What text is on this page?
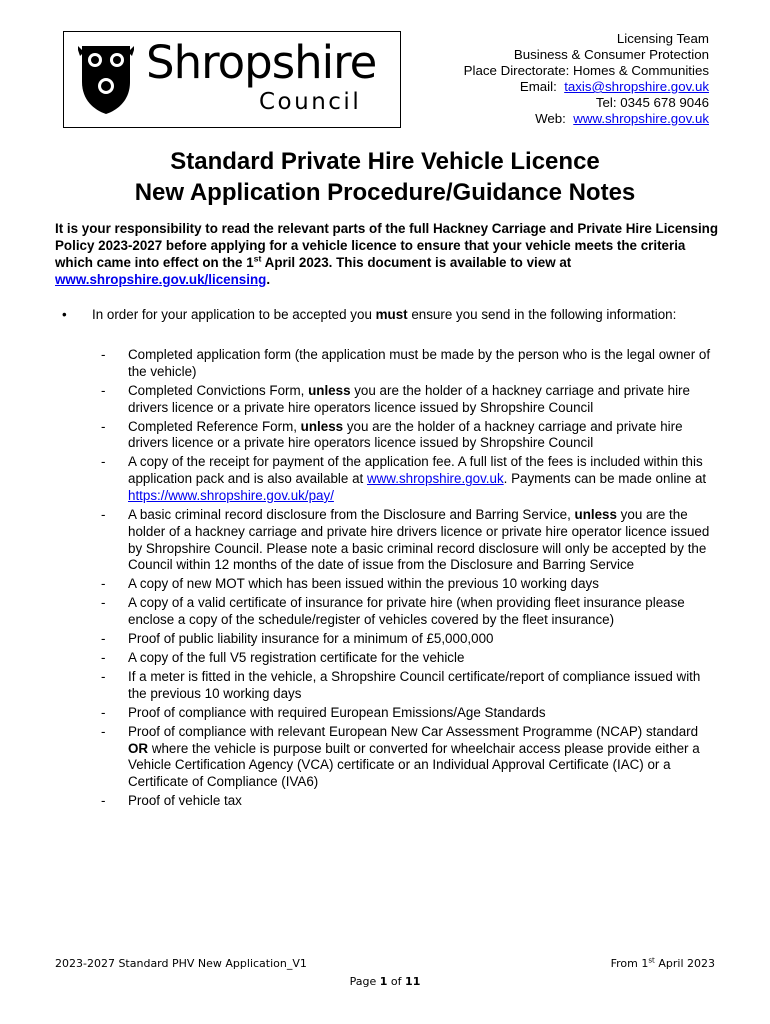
Shropshire
Council
Licensing Team
Business & Consumer Protection
Place Directorate: Homes & Communities
Email:  taxis@shropshire.gov.uk
Tel: 0345 678 9046
Web:  www.shropshire.gov.uk
Standard Private Hire Vehicle Licence
New Application Procedure/Guidance Notes
It is your responsibility to read the relevant parts of the full Hackney Carriage and Private Hire Licensing Policy 2023-2027 before applying for a vehicle licence to ensure that your vehicle meets the criteria which came into effect on the 1st April 2023. This document is available to view at www.shropshire.gov.uk/licensing.
• In order for your application to be accepted you must ensure you send in the following information:
- Completed application form (the application must be made by the person who is the legal owner of the vehicle)
- Completed Convictions Form, unless you are the holder of a hackney carriage and private hire drivers licence or a private hire operators licence issued by Shropshire Council
- Completed Reference Form, unless you are the holder of a hackney carriage and private hire drivers licence or a private hire operators licence issued by Shropshire Council
- A copy of the receipt for payment of the application fee. A full list of the fees is included within this application pack and is also available at www.shropshire.gov.uk. Payments can be made online at https://www.shropshire.gov.uk/pay/
- A basic criminal record disclosure from the Disclosure and Barring Service, unless you are the holder of a hackney carriage and private hire drivers licence or private hire operator licence issued by Shropshire Council. Please note a basic criminal record disclosure will only be accepted by the Council within 12 months of the date of issue from the Disclosure and Barring Service
- A copy of new MOT which has been issued within the previous 10 working days
- A copy of a valid certificate of insurance for private hire (when providing fleet insurance please enclose a copy of the schedule/register of vehicles covered by the fleet insurance)
- Proof of public liability insurance for a minimum of £5,000,000
- A copy of the full V5 registration certificate for the vehicle
- If a meter is fitted in the vehicle, a Shropshire Council certificate/report of compliance issued with the previous 10 working days
- Proof of compliance with required European Emissions/Age Standards
- Proof of compliance with relevant European New Car Assessment Programme (NCAP) standard OR where the vehicle is purpose built or converted for wheelchair access please provide either a Vehicle Certification Agency (VCA) certificate or an Individual Approval Certificate (IAC) or a Certificate of Compliance (IVA6)
- Proof of vehicle tax
2023-2027 Standard PHV New Application_V1	From 1st April 2023
Page 1 of 11
